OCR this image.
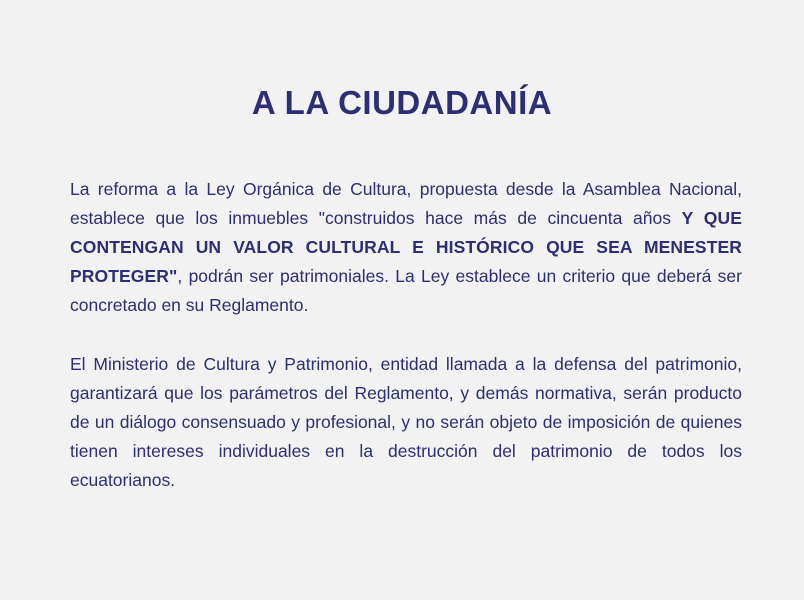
A LA CIUDADANÍA

La reforma a la Ley Orgánica de Cultura, propuesta desde la Asamblea Nacional, establece que los inmuebles "construidos hace más de cincuenta años Y QUE CONTENGAN UN VALOR CULTURAL E HISTÓRICO QUE SEA MENESTER PROTEGER", podrán ser patrimoniales. La Ley establece un criterio que deberá ser concretado en su Reglamento.

El Ministerio de Cultura y Patrimonio, entidad llamada a la defensa del patrimonio, garantizará que los parámetros del Reglamento, y demás normativa, serán producto de un diálogo consensuado y profesional, y no serán objeto de imposición de quienes tienen intereses individuales en la destrucción del patrimonio de todos los ecuatorianos.
